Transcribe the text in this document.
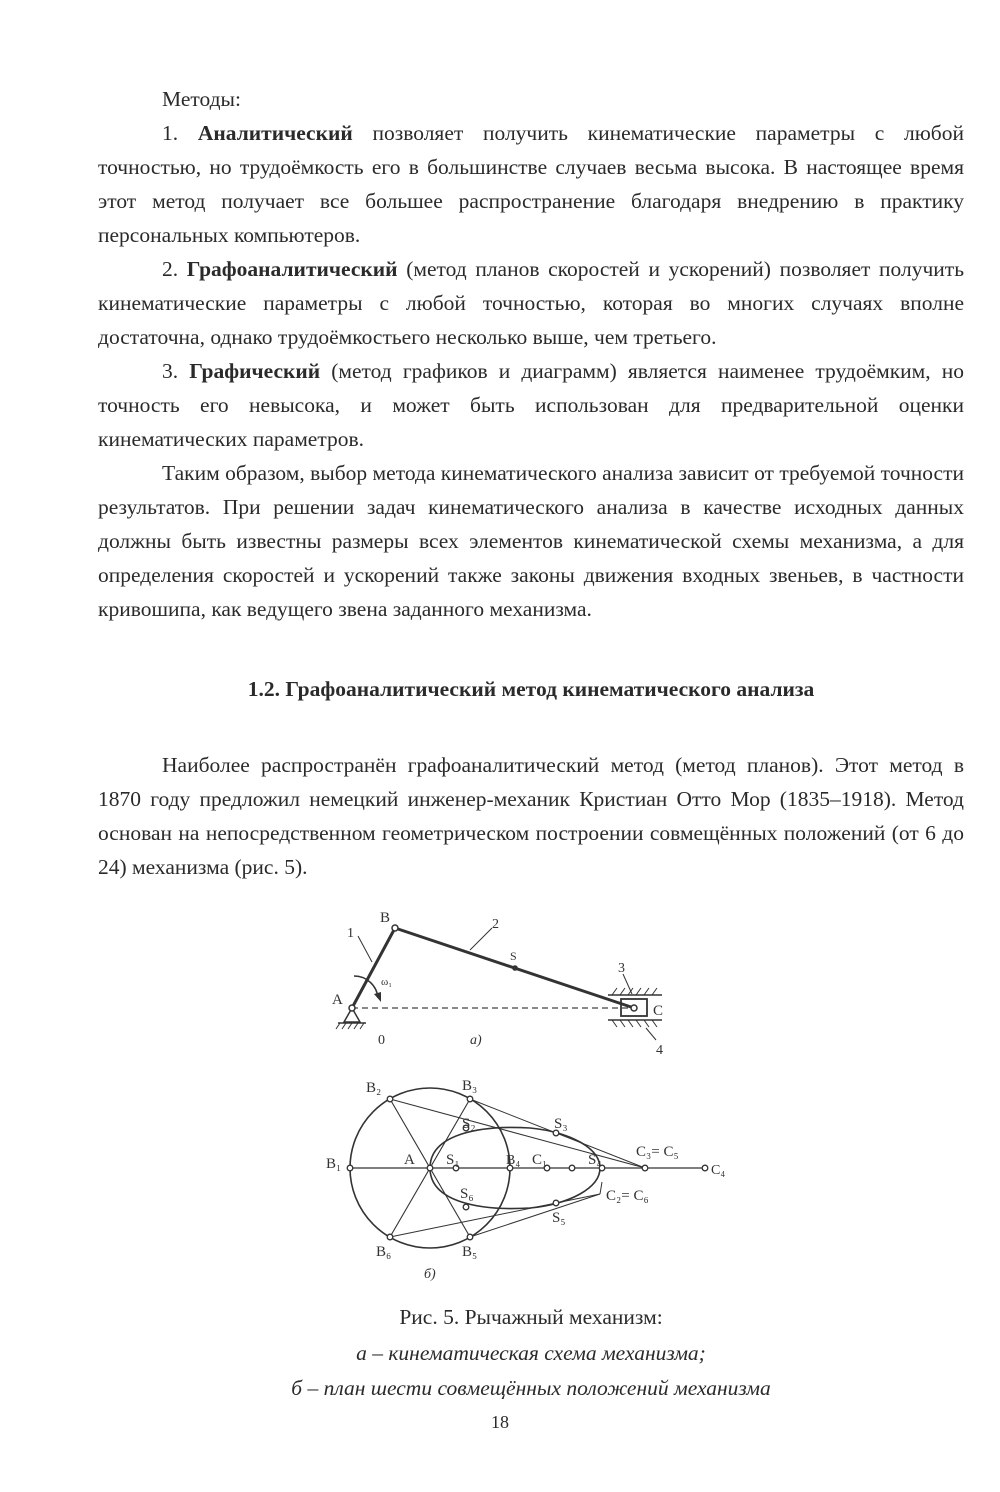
Методы:

1. Аналитический позволяет получить кинематические параметры с любой точностью, но трудоёмкость его в большинстве случаев весьма высока. В настоящее время этот метод получает все большее распространение благодаря внедрению в практику персональных компьютеров.

2. Графоаналитический (метод планов скоростей и ускорений) позволяет получить кинематические параметры с любой точностью, которая во многих случаях вполне достаточна, однако трудоёмкостьего несколько выше, чем третьего.

3. Графический (метод графиков и диаграмм) является наименее трудоёмким, но точность его невысока, и может быть использован для предварительной оценки кинематических параметров.

Таким образом, выбор метода кинематического анализа зависит от требуемой точности результатов. При решении задач кинематического анализа в качестве исходных данных должны быть известны размеры всех элементов кинематической схемы механизма, а для определения скоростей и ускорений также законы движения входных звеньев, в частности кривошипа, как ведущего звена заданного механизма.

1.2. Графоаналитический метод кинематического анализа

Наиболее распространён графоаналитический метод (метод планов). Этот метод в 1870 году предложил немецкий инженер-механик Кристиан Отто Мор (1835–1918). Метод основан на непосредственном геометрическом построении совмещённых положений (от 6 до 24) механизма (рис. 5).

B
1
2
S
3
A
ω₁
C
0	а)
4
B₂	B₃
S₂	S₃
B₁	A S₁	B₄ C₁	S₄ C₃= C₅
C₄
S₆	C₂= C₆
S₅
B₆	B₅
б)
Рис. 5. Рычажный механизм:
а – кинематическая схема механизма;
б – план шести совмещённых положений механизма
18
